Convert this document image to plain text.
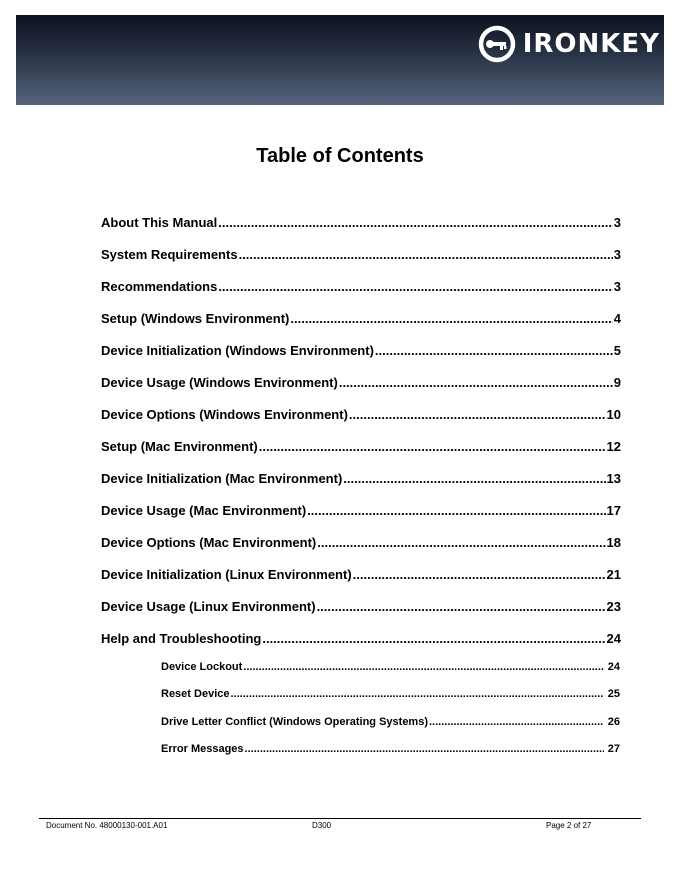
IRONKEY
Table of Contents
About This Manual .....	3
System Requirements .....	3
Recommendations .....	3
Setup (Windows Environment) .....	4
Device Initialization (Windows Environment) .....	5
Device Usage (Windows Environment) .....	9
Device Options (Windows Environment) .....	10
Setup (Mac Environment) .....	12
Device Initialization (Mac Environment) .....	13
Device Usage (Mac Environment) .....	17
Device Options (Mac Environment) .....	18
Device Initialization (Linux Environment) .....	21
Device Usage (Linux Environment) .....	23
Help and Troubleshooting .....	24
Device Lockout .....	24
Reset Device .....	25
Drive Letter Conflict (Windows Operating Systems) .....	26
Error Messages .....	27
Document No. 48000130-001.A01	D300	Page 2 of 27
